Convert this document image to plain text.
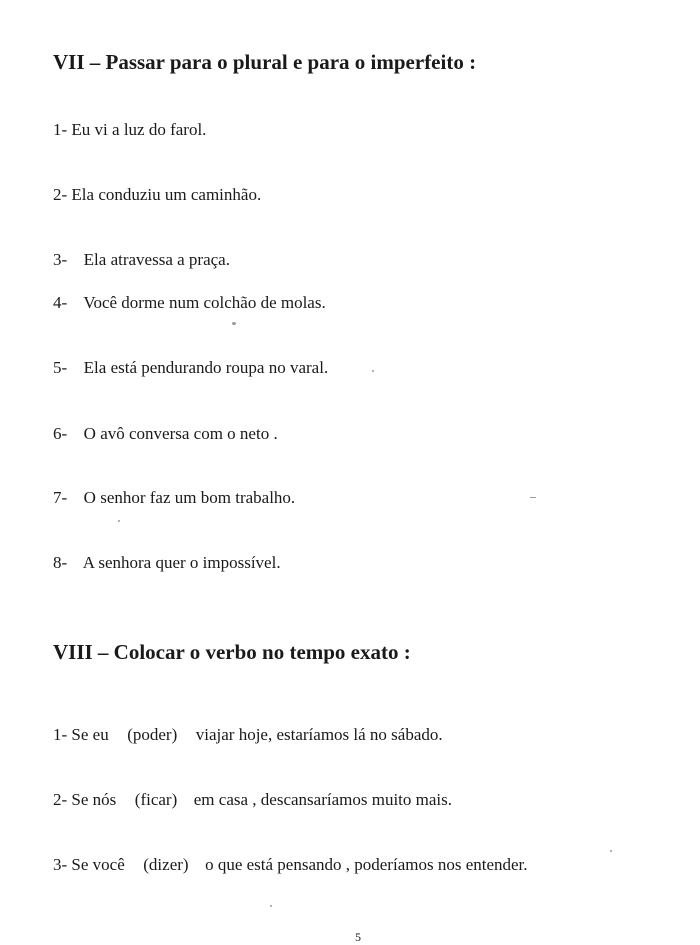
VII – Passar para o plural e para o imperfeito :
1- Eu vi a luz do farol.
2- Ela conduziu um caminhão.
3- Ela atravessa a praça.
4- Você dorme num colchão de molas.
5- Ela está pendurando roupa no varal.
6- O avô conversa com o neto .
7- O senhor faz um bom trabalho.
8- A senhora quer o impossível.
VIII – Colocar o verbo no tempo exato :
1- Se eu (poder) viajar hoje, estaríamos lá no sábado.
2- Se nós (ficar) em casa , descansaríamos muito mais.
3- Se você (dizer) o que está pensando , poderíamos nos entender.
5
